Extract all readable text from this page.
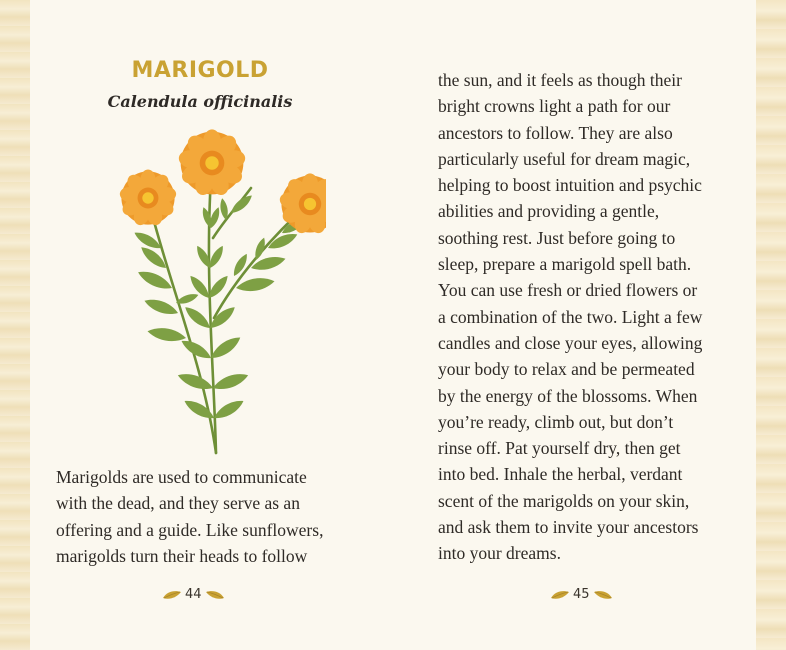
MARIGOLD
Calendula officinalis

Marigolds are used to communicate
with the dead, and they serve as an
offering and a guide. Like sunflowers,
marigolds turn their heads to follow

44

the sun, and it feels as though their
bright crowns light a path for our
ancestors to follow. They are also
particularly useful for dream magic,
helping to boost intuition and psychic
abilities and providing a gentle,
soothing rest. Just before going to
sleep, prepare a marigold spell bath.
You can use fresh or dried flowers or
a combination of the two. Light a few
candles and close your eyes, allowing
your body to relax and be permeated
by the energy of the blossoms. When
you’re ready, climb out, but don’t
rinse off. Pat yourself dry, then get
into bed. Inhale the herbal, verdant
scent of the marigolds on your skin,
and ask them to invite your ancestors
into your dreams.

45
